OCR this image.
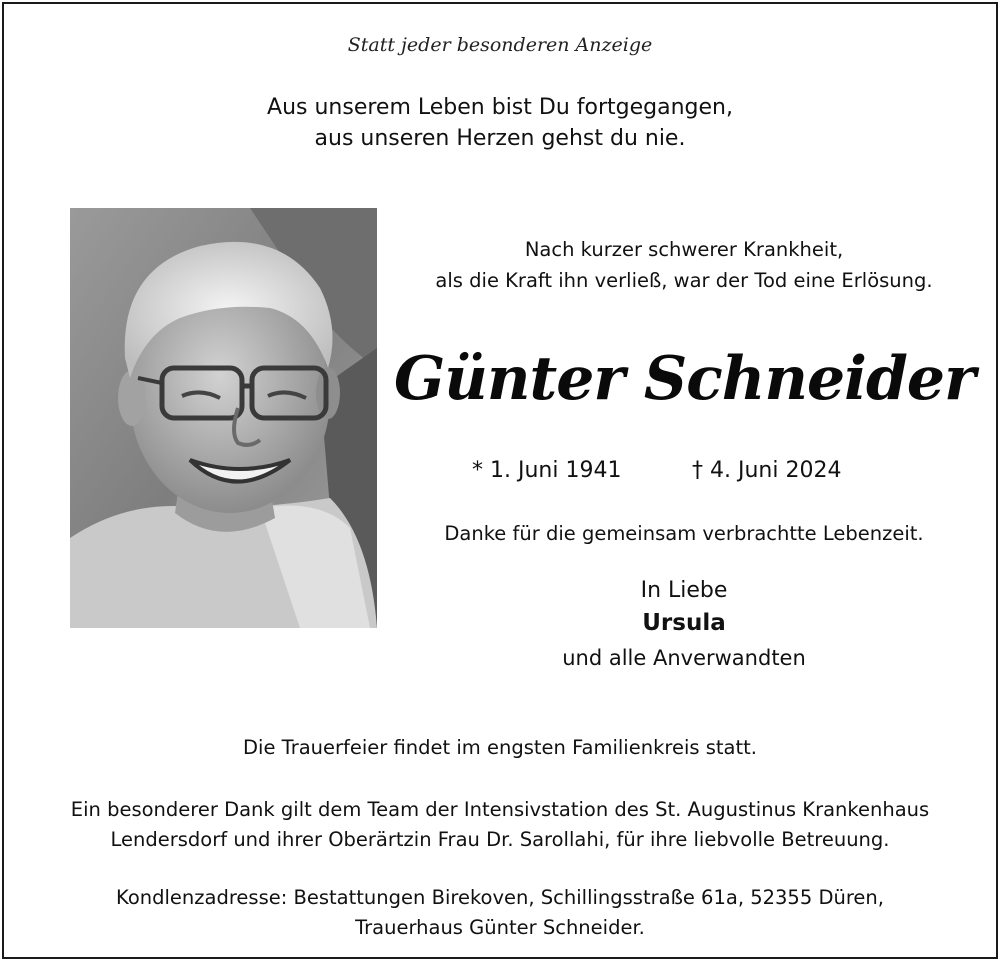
Statt jeder besonderen Anzeige
Aus unserem Leben bist Du fortgegangen,
aus unseren Herzen gehst du nie.
Nach kurzer schwerer Krankheit,
als die Kraft ihn verließ, war der Tod eine Erlösung.
Günter Schneider
* 1. Juni 1941	† 4. Juni 2024
Danke für die gemeinsam verbrachtte Lebenzeit.
In Liebe
Ursula
und alle Anverwandten
Die Trauerfeier findet im engsten Familienkreis statt.
Ein besonderer Dank gilt dem Team der Intensivstation des St. Augustinus Krankenhaus
Lendersdorf und ihrer Oberärtzin Frau Dr. Sarollahi, für ihre liebvolle Betreuung.
Kondlenzadresse: Bestattungen Birekoven, Schillingsstraße 61a, 52355 Düren,
Trauerhaus Günter Schneider.
